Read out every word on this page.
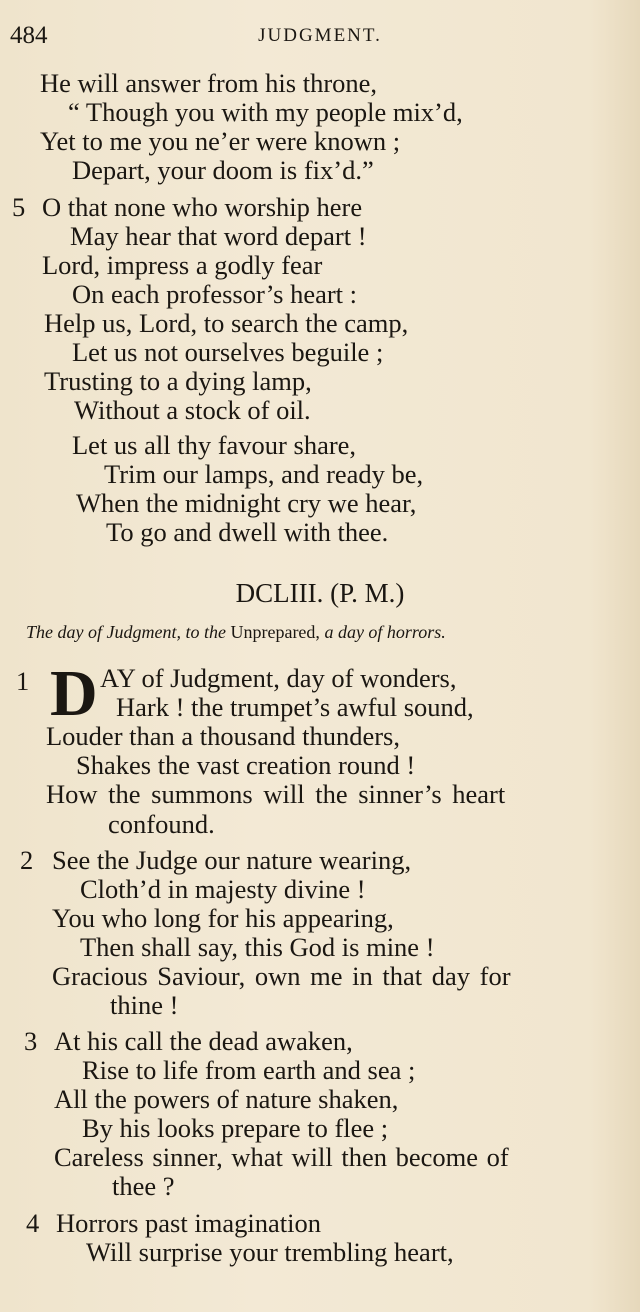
484	JUDGMENT.
He will answer from his throne,
“ Though you with my people mix’d,
Yet to me you ne’er were known ;
Depart, your doom is fix’d.”
5 O that none who worship here
May hear that word depart !
Lord, impress a godly fear
On each professor’s heart :
Help us, Lord, to search the camp,
Let us not ourselves beguile ;
Trusting to a dying lamp,
Without a stock of oil.
Let us all thy favour share,
Trim our lamps, and ready be,
When the midnight cry we hear,
To go and dwell with thee.
DCLIII. (P. M.)
The day of Judgment, to the Unprepared, a day of horrors.
1 D AY of Judgment, day of wonders,
Hark ! the trumpet’s awful sound,
Louder than a thousand thunders,
Shakes the vast creation round !
How the summons will the sinner’s heart
confound.
2 See the Judge our nature wearing,
Cloth’d in majesty divine !
You who long for his appearing,
Then shall say, this God is mine !
Gracious Saviour, own me in that day for
thine !
3 At his call the dead awaken,
Rise to life from earth and sea ;
All the powers of nature shaken,
By his looks prepare to flee ;
Careless sinner, what will then become of
thee ?
4 Horrors past imagination
Will surprise your trembling heart,
